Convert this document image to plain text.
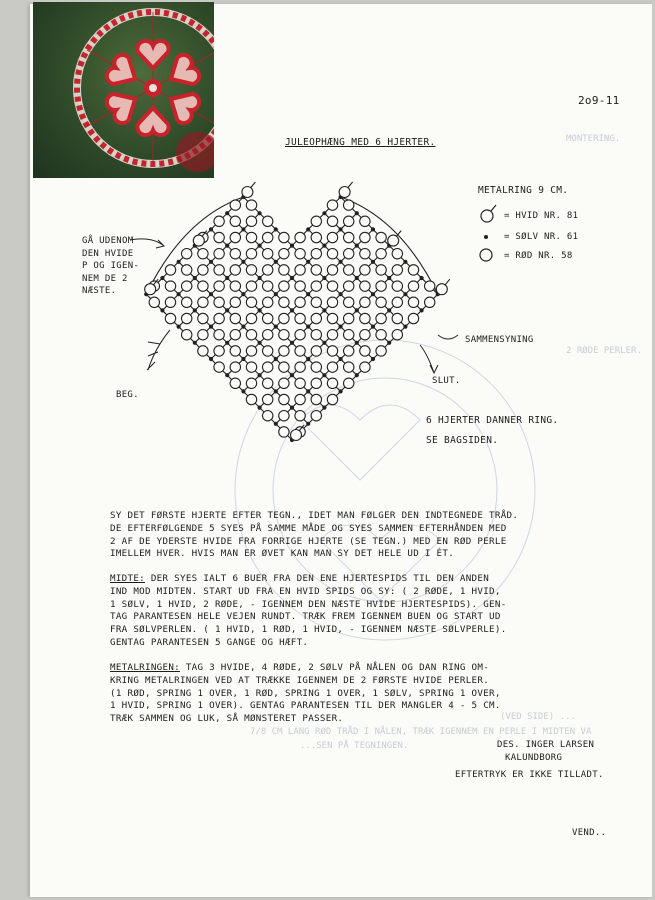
MONTERING.
2 RØDE PERLER.
(VED SIDE) ...
7/8 CM LANG RØD TRÅD I NÅLEN, TRÆK IGENNEM EN PERLE I MIDTEN VA
...SEN PÅ TEGNINGEN.
2o9-11
JULEOPHÆNG MED 6 HJERTER.
METALRING 9 CM.
= HVID NR. 81
= SØLV NR. 61
= RØD NR. 58
GÅ UDENOM
DEN HVIDE
P OG IGEN-
NEM DE 2
NÆSTE.
BEG.
SLUT.
SAMMENSYNING
6 HJERTER DANNER RING.
SE BAGSIDEN.
SY DET FØRSTE HJERTE EFTER TEGN., IDET MAN FØLGER DEN INDTEGNEDE TRÅD.
DE EFTERFØLGENDE 5 SYES PÅ SAMME MÅDE OG SYES SAMMEN EFTERHÅNDEN MED
2 AF DE YDERSTE HVIDE FRA FORRIGE HJERTE (SE TEGN.) MED EN RØD PERLE
IMELLEM HVER. HVIS MAN ER ØVET KAN MAN SY DET HELE UD I ÉT.
MIDTE: DER SYES IALT 6 BUER FRA DEN ENE HJERTESPIDS TIL DEN ANDEN
IND MOD MIDTEN. START UD FRA EN HVID SPIDS OG SY: ( 2 RØDE, 1 HVID,
1 SØLV, 1 HVID, 2 RØDE, - IGENNEM DEN NÆSTE HVIDE HJERTESPIDS). GEN-
TAG PARANTESEN HELE VEJEN RUNDT. TRÆK FREM IGENNEM BUEN OG START UD
FRA SØLVPERLEN. ( 1 HVID, 1 RØD, 1 HVID, - IGENNEM NÆSTE SØLVPERLE).
GENTAG PARANTESEN 5 GANGE OG HÆFT.
METALRINGEN: TAG 3 HVIDE, 4 RØDE, 2 SØLV PÅ NÅLEN OG DAN RING OM-
KRING METALRINGEN VED AT TRÆKKE IGENNEM DE 2 FØRSTE HVIDE PERLER.
(1 RØD, SPRING 1 OVER, 1 RØD, SPRING 1 OVER, 1 SØLV, SPRING 1 OVER,
1 HVID, SPRING 1 OVER). GENTAG PARANTESEN TIL DER MANGLER 4 - 5 CM.
TRÆK SAMMEN OG LUK, SÅ MØNSTERET PASSER.
DES. INGER LARSEN
KALUNDBORG
EFTERTRYK ER IKKE TILLADT.
VEND..
